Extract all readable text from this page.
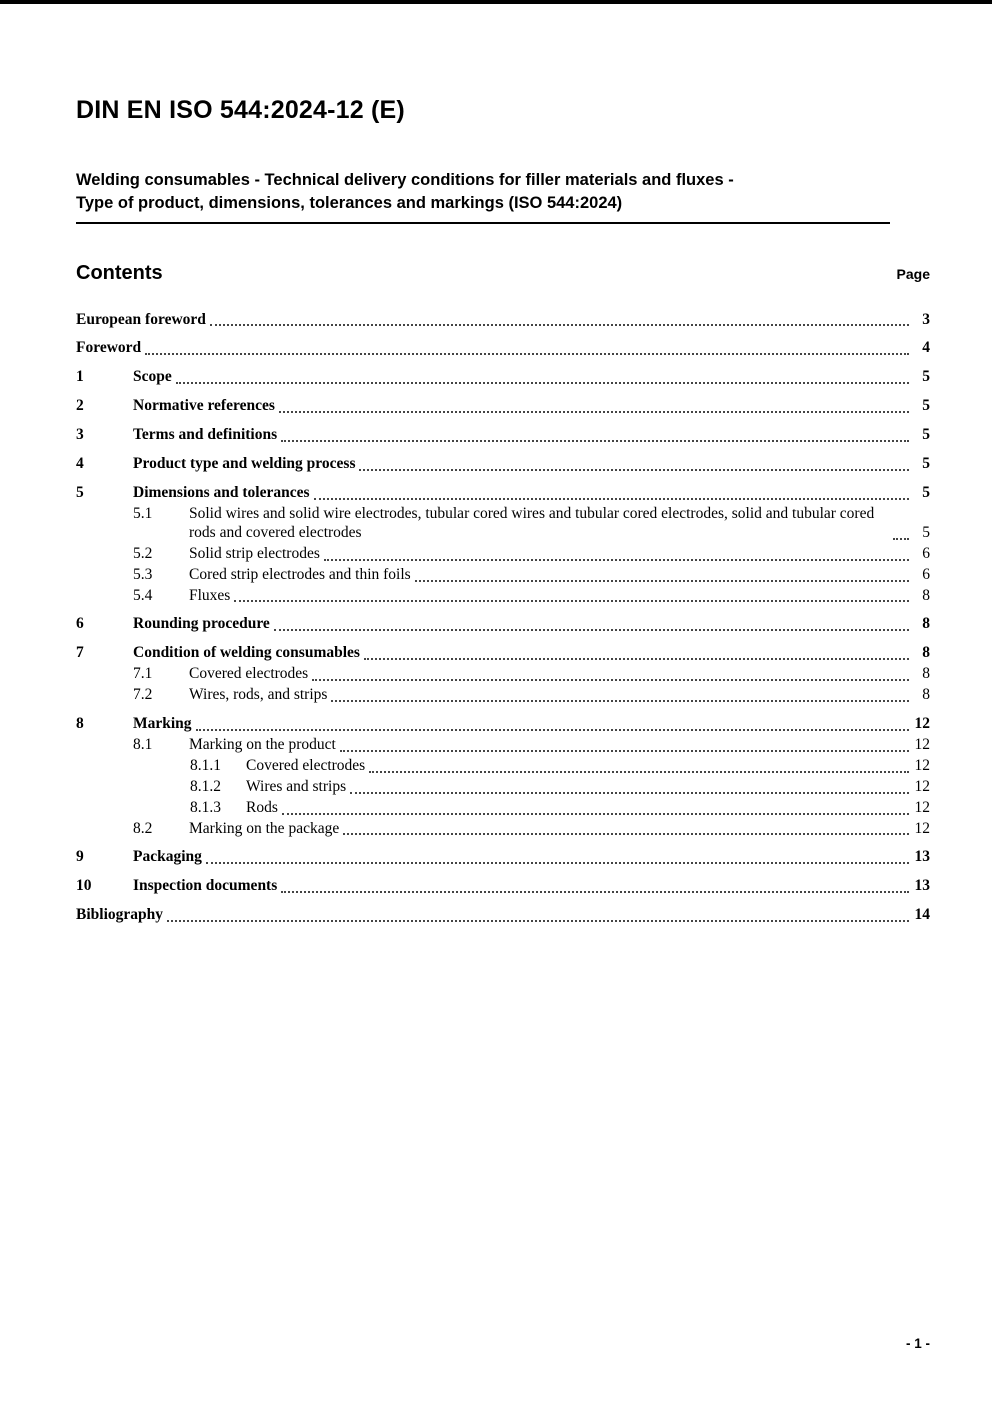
DIN EN ISO 544:2024-12 (E)
Welding consumables - Technical delivery conditions for filler materials and fluxes -
Type of product, dimensions, tolerances and markings (ISO 544:2024)
Contents	Page
European foreword	3
Foreword	4
1	Scope	5
2	Normative references	5
3	Terms and definitions	5
4	Product type and welding process	5
5	Dimensions and tolerances	5
5.1	Solid wires and solid wire electrodes, tubular cored wires and tubular cored electrodes, solid and tubular cored rods and covered electrodes	5
5.2	Solid strip electrodes	6
5.3	Cored strip electrodes and thin foils	6
5.4	Fluxes	8
6	Rounding procedure	8
7	Condition of welding consumables	8
7.1	Covered electrodes	8
7.2	Wires, rods, and strips	8
8	Marking	12
8.1	Marking on the product	12
8.1.1	Covered electrodes	12
8.1.2	Wires and strips	12
8.1.3	Rods	12
8.2	Marking on the package	12
9	Packaging	13
10	Inspection documents	13
Bibliography	14
- 1 -
